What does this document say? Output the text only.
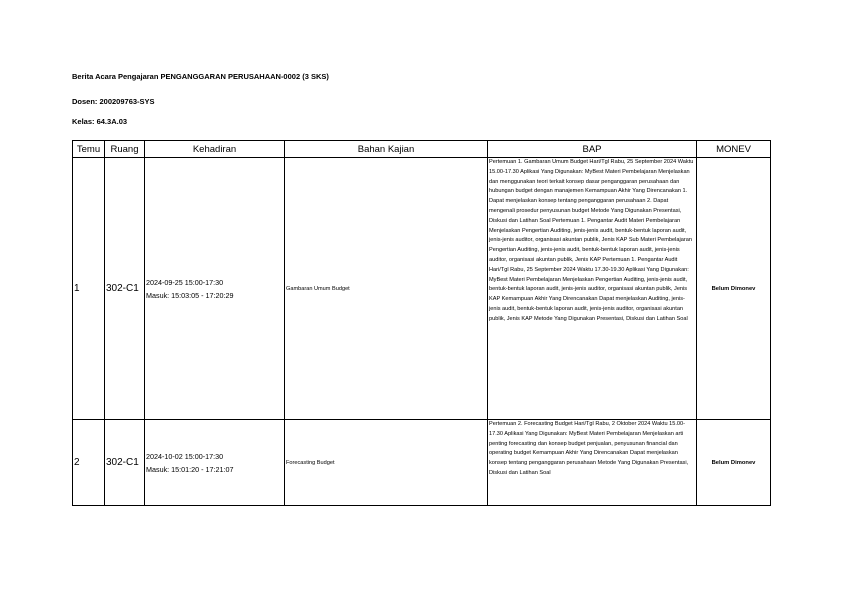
Berita Acara Pengajaran PENGANGGARAN PERUSAHAAN-0002 (3 SKS)
Dosen: 200209763-SYS
Kelas: 64.3A.03
Temu	Ruang	Kehadiran	Bahan Kajian	BAP	MONEV
1	302-C1	2024-09-25 15:00-17:30
Masuk: 15:03:05 - 17:20:29	Gambaran Umum Budget	Pertemuan 1. Gambaran Umum Budget Hari/Tgl Rabu, 25 September 2024 Waktu 15.00-17.30 Aplikasi Yang Digunakan: MyBest Materi Pembelajaran Menjelaskan dan menggunakan teori terkait konsep dasar penganggaran perusahaan dan hubungan budget dengan manajemen Kemampuan Akhir Yang Direncanakan 1. Dapat menjelaskan konsep tentang penganggaran perusahaan 2. Dapat mengenali prosedur penyusunan budget Metode Yang Digunakan Presentasi, Diskusi dan Latihan Soal Pertemuan 1. Pengantar Audit Materi Pembelajaran Menjelaskan Pengertian Auditing, jenis-jenis audit, bentuk-bentuk laporan audit, jenis-jenis auditor, organisasi akuntan publik, Jenis KAP Sub Materi Pembelajaran Pengertian Auditing, jenis-jenis audit, bentuk-bentuk laporan audit, jenis-jenis auditor, organisasi akuntan publik, Jenis KAP Pertemuan 1. Pengantar Audit Hari/Tgl Rabu, 25 September 2024 Waktu 17.30-19.30 Aplikasi Yang Digunakan: MyBest Materi Pembelajaran Menjelaskan Pengertian Auditing, jenis-jenis audit, bentuk-bentuk laporan audit, jenis-jenis auditor, organisasi akuntan publik, Jenis KAP Kemampuan Akhir Yang Direncanakan Dapat menjelaskan Auditing, jenis-jenis audit, bentuk-bentuk laporan audit, jenis-jenis auditor, organisasi akuntan publik, Jenis KAP Metode Yang Digunakan Presentasi, Diskusi dan Latihan Soal	Belum Dimonev
2	302-C1	2024-10-02 15:00-17:30
Masuk: 15:01:20 - 17:21:07	Forecasting Budget	Pertemuan 2. Forecasting Budget Hari/Tgl Rabu, 2 Oktober 2024 Waktu 15.00-17.30 Aplikasi Yang Digunakan: MyBest Materi Pembelajaran Menjelaskan arti penting forecasting dan konsep budget penjualan, penyusunan financial dan operating budget Kemampuan Akhir Yang Direncanakan Dapat menjelaskan konsep tentang penganggaran perusahaan Metode Yang Digunakan Presentasi, Diskusi dan Latihan Soal	Belum Dimonev
